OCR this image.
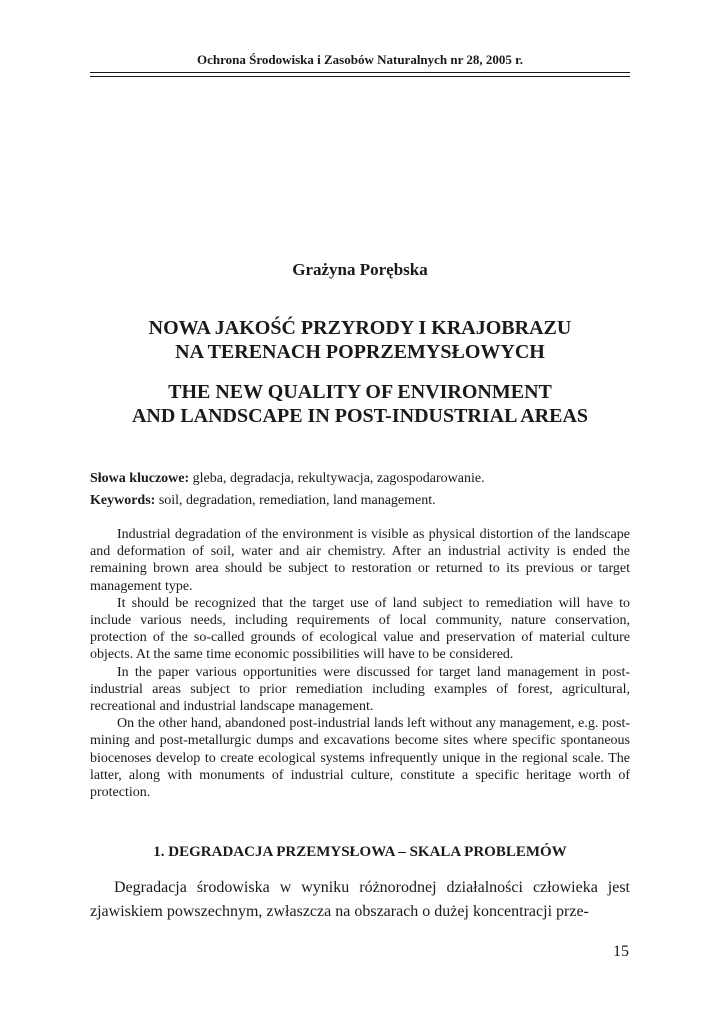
Ochrona Środowiska i Zasobów Naturalnych nr 28, 2005 r.
Grażyna Porębska
NOWA JAKOŚĆ PRZYRODY I KRAJOBRAZU
NA TERENACH POPRZEMYSŁOWYCH
THE NEW QUALITY OF ENVIRONMENT
AND LANDSCAPE IN POST-INDUSTRIAL AREAS
Słowa kluczowe: gleba, degradacja, rekultywacja, zagospodarowanie.
Keywords: soil, degradation, remediation, land management.

Industrial degradation of the environment is visible as physical distortion of the landscape and deformation of soil, water and air chemistry. After an industrial activity is ended the remaining brown area should be subject to restoration or returned to its previous or target management type.

It should be recognized that the target use of land subject to remediation will have to include various needs, including requirements of local community, nature conservation, protection of the so-called grounds of ecological value and preservation of material culture objects. At the same time economic possibilities will have to be considered.

In the paper various opportunities were discussed for target land management in post-industrial areas subject to prior remediation including examples of forest, agricultural, recreational and industrial landscape management.

On the other hand, abandoned post-industrial lands left without any management, e.g. post-mining and post-metallurgic dumps and excavations become sites where specific spontaneous biocenoses develop to create ecological systems infrequently unique in the regional scale. The latter, along with monuments of industrial culture, constitute a specific heritage worth of protection.

1. DEGRADACJA PRZEMYSŁOWA – SKALA PROBLEMÓW

Degradacja środowiska w wyniku różnorodnej działalności człowieka jest zjawiskiem powszechnym, zwłaszcza na obszarach o dużej koncentracji prze-

15
